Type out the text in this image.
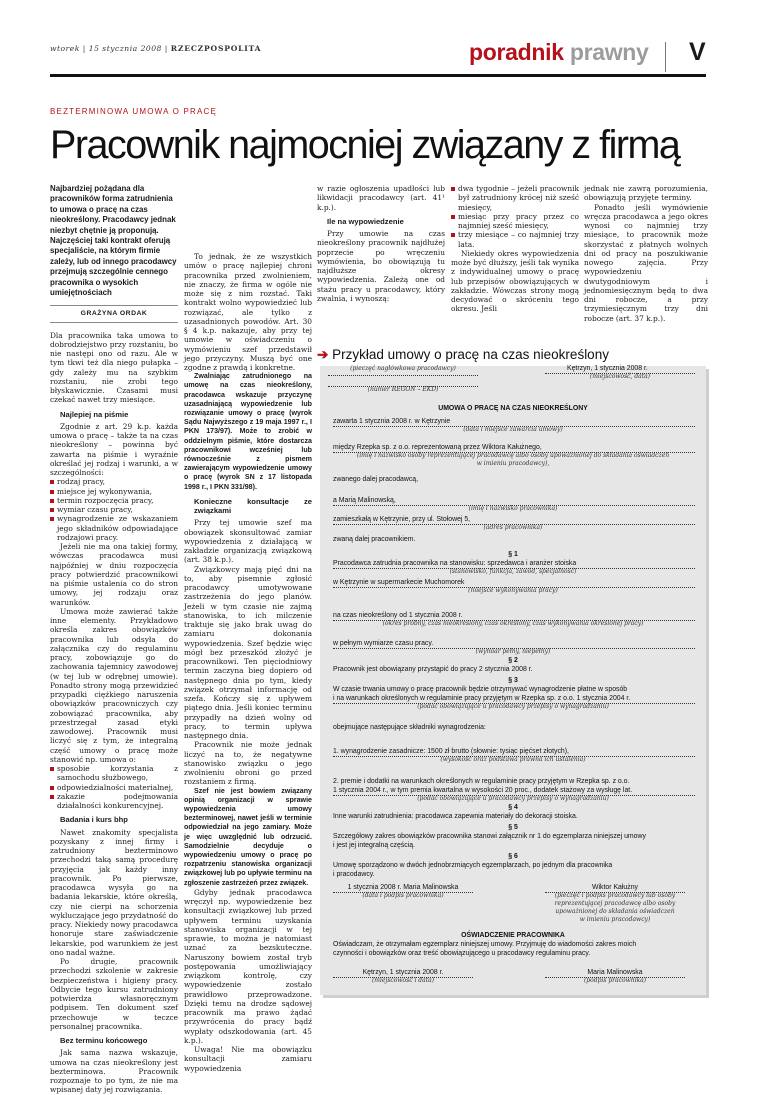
wtorek | 15 stycznia 2008 | RZECZPOSPOLITA	poradnik prawny V
BEZTERMINOWA UMOWA O PRACĘ
Pracownik najmocniej związany z firmą

Najbardziej pożądana dla pracowników forma zatrudnienia to umowa o pracę na czas nieokreślony. Pracodawcy jednak niezbyt chętnie ją proponują. Najczęściej taki kontrakt oferują specjaliście, na którym firmie zależy, lub od innego pracodawcy przejmują szczególnie cennego pracownika o wysokich umiejętnościach

GRAŻYNA ORDAK

Dla pracownika taka umowa to dobrodziejstwo przy rozstaniu, bo nie następi ono od razu. Ale w tym tkwi też dla niego pułapka – gdy zależy mu na szybkim rozstaniu, nie zrobi tego błyskawicznie. Czasami musi czekać nawet trzy miesiące.

Najlepiej na piśmie

Zgodnie z art. 29 k.p. każda umowa o pracę – także ta na czas nieokreślony – powinna być zawarta na piśmie i wyraźnie określać jej rodzaj i warunki, a w szczególności:

rodzaj pracy,
miejsce jej wykonywania,
termin rozpoczęcia pracy,
wymiar czasu pracy,
wynagrodzenie ze wskazaniem jego składników odpowiadające rodzajowi pracy.

Jeżeli nie ma ona takiej formy, wówczas pracodawca musi najpóźniej w dniu rozpoczęcia pracy potwierdzić pracownikowi na piśmie ustalenia co do stron umowy, jej rodzaju oraz warunków.

Umowa może zawierać także inne elementy. Przykładowo określa zakres obowiązków pracownika lub odsyła do załącznika czy do regulaminu pracy, zobowiązuje go do zachowania tajemnicy zawodowej (w tej lub w odrębnej umowie). Ponadto strony mogą przewidzieć przypadki ciężkiego naruszenia obowiązków pracowniczych czy zobowiązać pracownika, aby przestrzegał zasad etyki zawodowej. Pracownik musi liczyć się z tym, że integralną część umowy o pracę może stanowić np. umowa o:

sposobie korzystania z samochodu służbowego,
odpowiedzialności materialnej,
zakazie podejmowania działalności konkurencyjnej.
Badania i kurs bhp

Nawet znakomity specjalista pozyskany z innej firmy i zatrudniony bezterminowo przechodzi taką samą procedurę przyjęcia jak każdy inny pracownik. Po pierwsze, pracodawca wysyła go na badania lekarskie, które określą, czy nie cierpi na schorzenia wykluczające jego przydatność do pracy. Niekiedy nowy pracodawca honoruje stare zaświadczenie lekarskie, pod warunkiem że jest ono nadal ważne.

Po drugie, pracownik przechodzi szkolenie w zakresie bezpieczeństwa i higieny pracy. Odbycie tego kursu zatrudniony potwierdza własnoręcznym podpisem. Ten dokument szef przechowuje w teczce personalnej pracownika.

Bez terminu końcowego

Jak sama nazwa wskazuje, umowa na czas nieokreślony jest bezterminowa. Pracownik rozpoznaje to po tym, że nie ma wpisanej daty jej rozwiązania.

To jednak, że ze wszystkich umów o pracę najlepiej chroni pracownika przed zwolnieniem, nie znaczy, że firma w ogóle nie może się z nim rozstać. Taki kontrakt wolno wypowiedzieć lub rozwiązać, ale tylko z uzasadnionych powodów. Art. 30 § 4 k.p. nakazuje, aby przy tej umowie w oświadczeniu o wymówieniu szef przedstawił jego przyczyny. Muszą być one zgodne z prawdą i konkretne.

Zwalniając zatrudnionego na umowę na czas nieokreślony, pracodawca wskazuje przyczynę uzasadniającą wypowiedzenie lub rozwiązanie umowy o pracę (wyrok Sądu Najwyższego z 19 maja 1997 r., I PKN 173/97). Może to zrobić w oddzielnym piśmie, które dostarcza pracownikowi wcześniej lub równocześnie z pismem zawierającym wypowiedzenie umowy o pracę (wyrok SN z 17 listopada 1998 r., I PKN 331/98).

Konieczne konsultacje ze związkami

Przy tej umowie szef ma obowiązek skonsultować zamiar wypowiedzenia z działającą w zakładzie organizacją związkową (art. 38 k.p.).

Związkowcy mają pięć dni na to, aby pisemnie zgłosić pracodawcy umotywowane zastrzeżenia do jego planów. Jeżeli w tym czasie nie zajmą stanowiska, to ich milczenie traktuje się jako brak uwag do zamiaru dokonania wypowiedzenia. Szef będzie więc mógł bez przeszkód złożyć je pracownikowi. Ten pięciodniowy termin zaczyna bieg dopiero od następnego dnia po tym, kiedy związek otrzymał informację od szefa. Kończy się z upływem piątego dnia. Jeśli koniec terminu przypadły na dzień wolny od pracy, to termin upływa następnego dnia.

Pracownik nie może jednak liczyć na to, że negatywne stanowisko związku o jego zwolnieniu obroni go przed rozstaniem z firmą.

Szef nie jest bowiem związany opinią organizacji w sprawie wypowiedzenia umowy bezterminowej, nawet jeśli w terminie odpowiedział na jego zamiary. Może je więc uwzględnić lub odrzucić. Samodzielnie decyduje o wypowiedzeniu umowy o pracę po rozpatrzeniu stanowiska organizacji związkowej lub po upływie terminu na zgłoszenie zastrzeżeń przez związek.

Gdyby jednak pracodawca wręczył np. wypowiedzenie bez konsultacji związkowej lub przed upływem terminu uzyskania stanowiska organizacji w tej sprawie, to można je natomiast uznać za bezskuteczne. Naruszony bowiem został tryb postępowania umożliwiający związkom kontrolę, czy wypowiedzenie zostało prawidłowo przeprowadzone. Dzięki temu na drodze sądowej pracownik ma prawo żądać przywrócenia do pracy bądź wypłaty odszkodowania (art. 45 k.p.).

Uwaga! Nie ma obowiązku konsultacji zamiaru wypowiedzenia

w razie ogłoszenia upadłości lub likwidacji pracodawcy (art. 41¹ k.p.).

Ile na wypowiedzenie

Przy umowie na czas nieokreślony pracownik najdłużej poprzecie po wręczeniu wymówienia, bo obowiązują tu najdłuższe okresy wypowiedzenia. Zależą one od stażu pracy u pracodawcy, który zwalnia, i wynoszą:

dwa tygodnie – jeżeli pracownik był zatrudniony krócej niż sześć miesięcy,
miesiąc przy pracy przez co najmniej sześć miesięcy,
trzy miesiące – co najmniej trzy lata.

Niekiedy okres wypowiedzenia może być dłuższy, jeśli tak wynika z indywidualnej umowy o pracę lub przepisów obowiązujących w zakładzie. Wówczas strony mogą decydować o skróceniu tego okresu. Jeśli

jednak nie zawrą porozumienia, obowiązują przyjęte terminy.

Ponadto jeśli wymówienie wręcza pracodawca a jego okres wynosi co najmniej trzy miesiące, to pracownik może skorzystać z płatnych wolnych dni od pracy na poszukiwanie nowego zajęcia. Przy wypowiedzeniu dwutygodniowym i jednomiesięcznym będą to dwa dni robocze, a przy trzymiesięcznym trzy dni robocze (art. 37 k.p.).

➔ Przykład umowy o pracę na czas nieokreślony
(pieczęć nagłówkowa pracodawcy)	Kętrzyn, 1 stycznia 2008 r.
(miejscowość, data)
(numer REGON – EKD)
UMOWA O PRACĘ NA CZAS NIEOKREŚLONY
zawarta 1 stycznia 2008 r. w Kętrzynie
(data i miejsce zawarcia umowy)
między Rzepka sp. z o.o. reprezentowaną przez Wiktora Kałużnego,
(imię i nazwisko osoby reprezentującej pracodawcę albo osoby upoważnionej do składania oświadczeń
w imieniu pracodawcy),
zwanego dalej pracodawcą,
a Marią Malinowską,
(imię i nazwisko pracownika)
zamieszkałą w Kętrzynie, przy ul. Stołowej 5,
(adres pracownika)
zwaną dalej pracownikiem.
§ 1
Pracodawca zatrudnia pracownika na stanowisku: sprzedawca i aranżer stoiska
(stanowisko, funkcja, zawód, specjalność)
w Kętrzynie w supermarkecie Muchomorek
(miejsce wykonywania pracy)
na czas nieokreślony od 1 stycznia 2008 r.
(okres próbny, czas nieokreślony, czas określony, czas wykonywania określonej pracy)
w pełnym wymiarze czasu pracy.
(wymiar pełny, niepełny)
§ 2
Pracownik jest obowiązany przystąpić do pracy 2 stycznia 2008 r.
§ 3
W czasie trwania umowy o pracę pracownik będzie otrzymywać wynagrodzenie płatne w sposób
i na warunkach określonych w regulaminie pracy przyjętym w Rzepka sp. z o.o. 1 stycznia 2004 r.
(podać obowiązujące u pracodawcy przepisy o wynagradzaniu)
obejmujące następujące składniki wynagrodzenia:
1. wynagrodzenie zasadnicze: 1500 zł brutto (słownie: tysiąc pięćset złotych),
(wysokość oraz podstawa prawna ich ustalenia)
2. premie i dodatki na warunkach określonych w regulaminie pracy przyjętym w Rzepka sp. z o.o.
1 stycznia 2004 r., w tym premia kwartalna w wysokości 20 proc., dodatek stażowy za wysługę lat.
(podać obowiązujące u pracodawcy przepisy o wynagradzaniu)
§ 4
Inne warunki zatrudnienia: pracodawca zapewnia materiały do dekoracji stoiska.
§ 5
Szczegółowy zakres obowiązków pracownika stanowi załącznik nr 1 do egzemplarza niniejszej umowy
i jest jej integralną częścią.
§ 6
Umowę sporządzono w dwóch jednobrzmiących egzemplarzach, po jednym dla pracownika
i pracodawcy.
1 stycznia 2008 r. Maria Malinowska
(data i podpis pracownika)
Wiktor Kałużny
(pieczęć i podpis pracodawcy lub osoby
reprezentującej pracodawcę albo osoby
upoważnionej do składania oświadczeń
w imieniu pracodawcy)
OŚWIADCZENIE PRACOWNIKA
Oświadczam, że otrzymałam egzemplarz niniejszej umowy. Przyjmuję do wiadomości zakres moich
czynności i obowiązków oraz treść obowiązującego u pracodawcy regulaminu pracy.
Kętrzyn, 1 stycznia 2008 r.
(miejscowość i data)
Maria Malinowska
(podpis pracownika)
